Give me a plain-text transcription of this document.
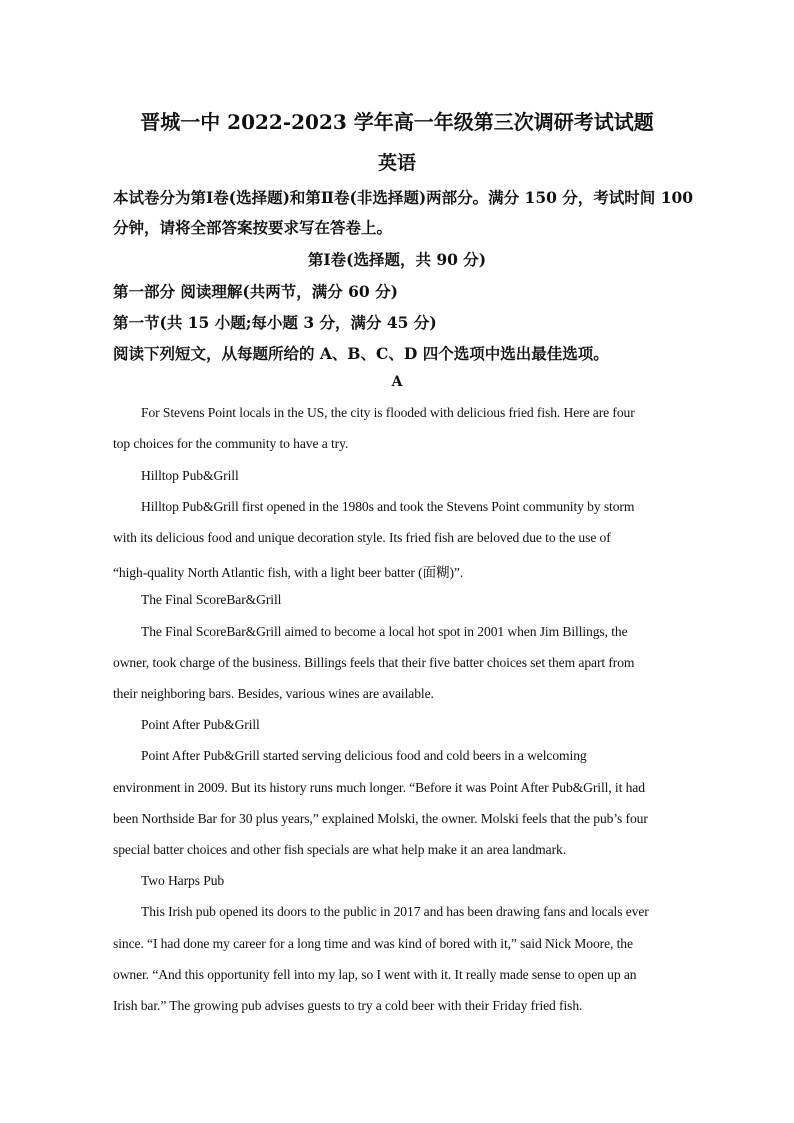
晋城一中 2022-2023 学年高一年级第三次调研考试试题
英语
本试卷分为第Ⅰ卷(选择题)和第Ⅱ卷(非选择题)两部分。满分 150 分，考试时间 100
分钟，请将全部答案按要求写在答卷上。
第Ⅰ卷(选择题，共 90 分)
第一部分 阅读理解(共两节，满分 60 分)
第一节(共 15 小题;每小题 3 分，满分 45 分)
阅读下列短文，从每题所给的 A、B、C、D 四个选项中选出最佳选项。
A
For Stevens Point locals in the US, the city is flooded with delicious fried fish. Here are four
top choices for the community to have a try.
Hilltop Pub&Grill
Hilltop Pub&Grill first opened in the 1980s and took the Stevens Point community by storm
with its delicious food and unique decoration style. Its fried fish are beloved due to the use of
“high-quality North Atlantic fish, with a light beer batter (面糊)”.
The Final ScoreBar&Grill
The Final ScoreBar&Grill aimed to become a local hot spot in 2001 when Jim Billings, the
owner, took charge of the business. Billings feels that their five batter choices set them apart from
their neighboring bars. Besides, various wines are available.
Point After Pub&Grill
Point After Pub&Grill started serving delicious food and cold beers in a welcoming
environment in 2009. But its history runs much longer. “Before it was Point After Pub&Grill, it had
been Northside Bar for 30 plus years,” explained Molski, the owner. Molski feels that the pub’s four
special batter choices and other fish specials are what help make it an area landmark.
Two Harps Pub
This Irish pub opened its doors to the public in 2017 and has been drawing fans and locals ever
since. “I had done my career for a long time and was kind of bored with it,” said Nick Moore, the
owner. “And this opportunity fell into my lap, so I went with it. It really made sense to open up an
Irish bar.” The growing pub advises guests to try a cold beer with their Friday fried fish.
